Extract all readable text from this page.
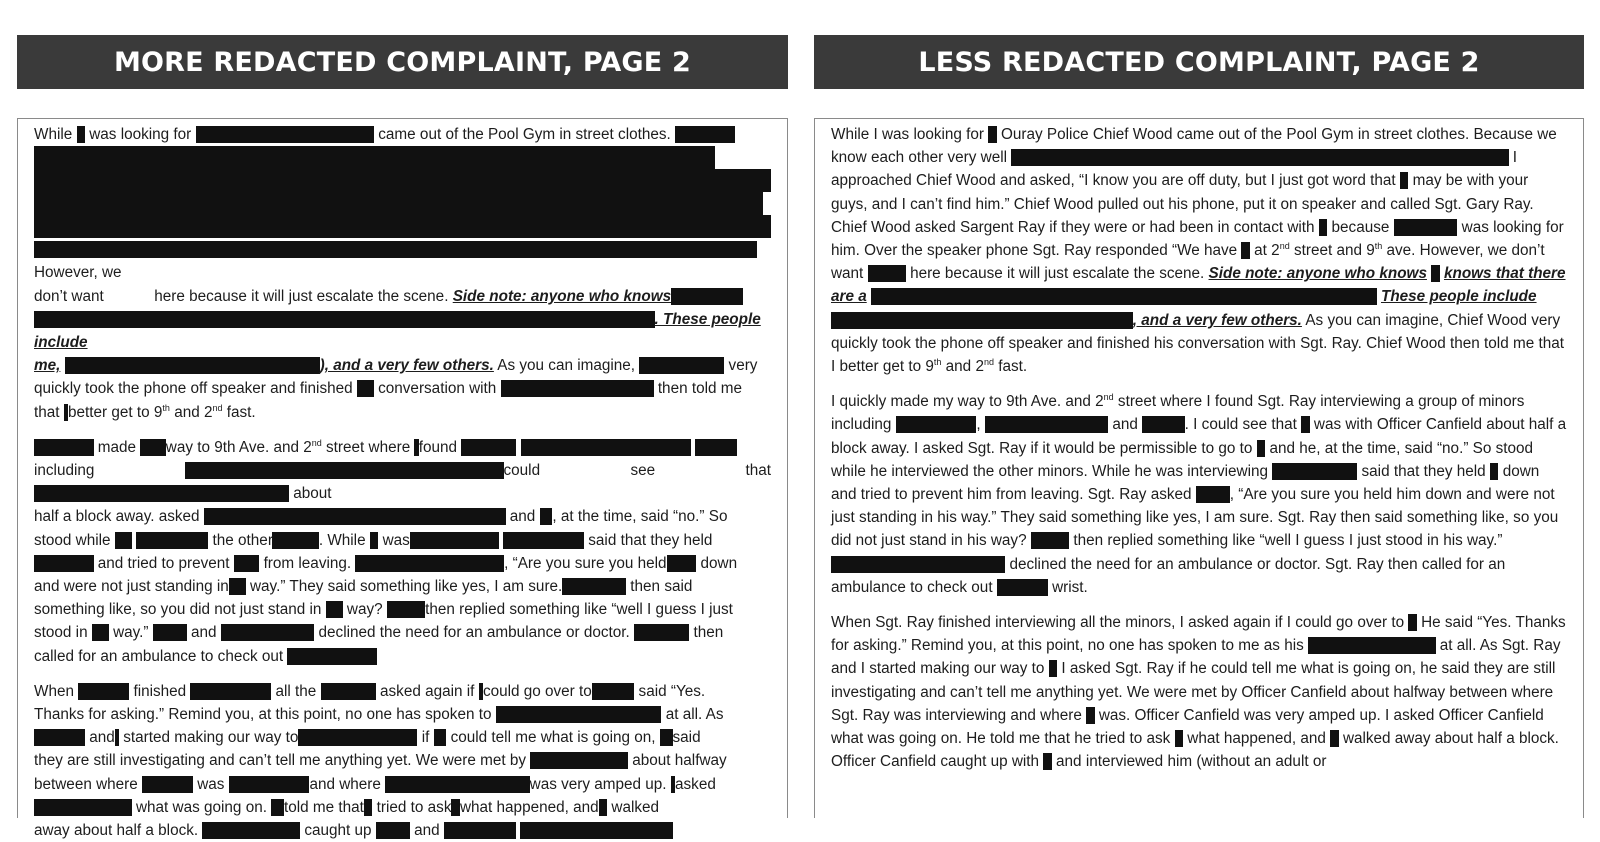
MORE REDACTED COMPLAINT, PAGE 2
While was looking for	came out of the Pool Gym in street clothes.
However, we
don’t want	here because it will just escalate the scene. Side note: anyone who knows
. These people include
me,	), and a very few others. As you can imagine,	very
quickly took the phone off speaker and finished conversation with	then told me
that better get to 9th and 2nd fast.
made way to 9th Ave. and 2nd street where found
including	could see that about
half a block away. asked	and , at the time, said “no.” So
stood while	the other	. While was	said that they held
and tried to prevent from leaving.	, “Are you sure you held down
and were not just standing in way.” They said something like yes, I am sure.	then said
something like, so you did not just stand in way?	then replied something like “well I guess I just
stood in way.”	and	declined the need for an ambulance or doctor.	then
called for an ambulance to check out
When	finished	all the	asked again if could go over to	said “Yes.
Thanks for asking.” Remind you, at this point, no one has spoken to	at all. As
and started making our way to	if could tell me what is going on, said
they are still investigating and can’t tell me anything yet. We were met by	about halfway
between where	was	and where	was very amped up. asked
what was going on. told me that tried to ask what happened, and walked
away about half a block.	caught up	and
LESS REDACTED COMPLAINT, PAGE 2
While I was looking for Ouray Police Chief Wood came out of the Pool Gym in street clothes. Because we know each other very well	I approached Chief Wood and asked, “I know you are off duty, but I just got word that may be with your guys, and I can’t find him.” Chief Wood pulled out his phone, put it on speaker and called Sgt. Gary Ray. Chief Wood asked Sargent Ray if they were or had been in contact with because	was looking for him. Over the speaker phone Sgt. Ray responded “We have at 2nd street and 9th ave. However, we don’t want	here because it will just escalate the scene. Side note: anyone who knows knows that there are a	These people include , and a very few others. As you can imagine, Chief Wood very quickly took the phone off speaker and finished his conversation with Sgt. Ray. Chief Wood then told me that I better get to 9th and 2nd fast.
I quickly made my way to 9th Ave. and 2nd street where I found Sgt. Ray interviewing a group of minors including	,	and	. I could see that was with Officer Canfield about half a block away. I asked Sgt. Ray if it would be permissible to go to and he, at the time, said “no.” So stood while he interviewed the other minors. While he was interviewing	said that they held down and tried to prevent him from leaving. Sgt. Ray asked	, “Are you sure you held him down and were not just standing in his way.” They said something like yes, I am sure. Sgt. Ray then said something like, so you did not just stand in his way?	then replied something like “well I guess I just stood in his way.” declined the need for an ambulance or doctor. Sgt. Ray then called for an ambulance to check out	wrist.
When Sgt. Ray finished interviewing all the minors, I asked again if I could go over to He said “Yes. Thanks for asking.” Remind you, at this point, no one has spoken to me as his	at all. As Sgt. Ray and I started making our way to I asked Sgt. Ray if he could tell me what is going on, he said they are still investigating and can’t tell me anything yet. We were met by Officer Canfield about halfway between where Sgt. Ray was interviewing and where was. Officer Canfield was very amped up. I asked Officer Canfield what was going on. He told me that he tried to ask what happened, and walked away about half a block. Officer Canfield caught up with and interviewed him (without an adult or
